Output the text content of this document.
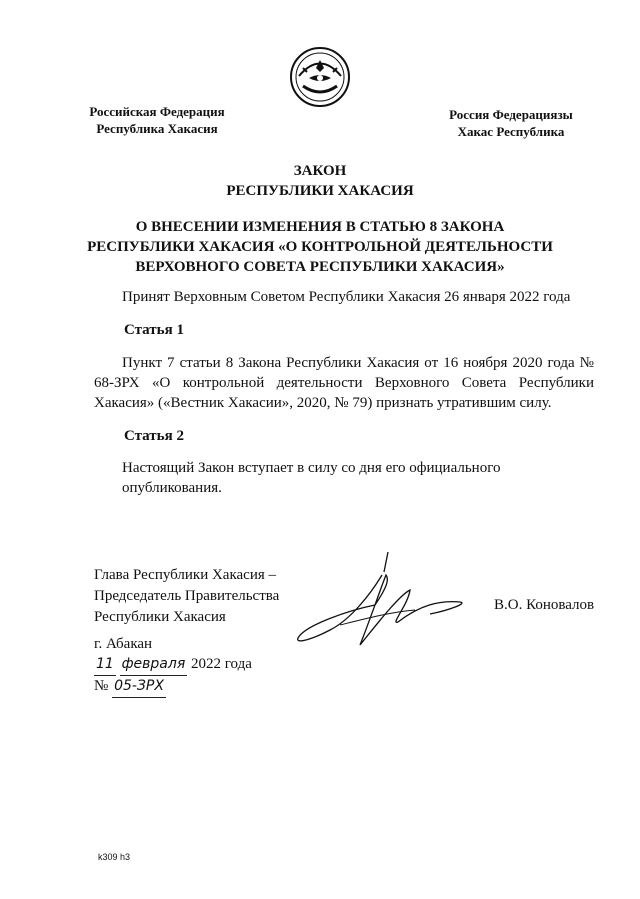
Российская Федерация
Республика Хакасия
Россия Федерациязы
Хакас Республика
ЗАКОН
РЕСПУБЛИКИ ХАКАСИЯ
О ВНЕСЕНИИ ИЗМЕНЕНИЯ В СТАТЬЮ 8 ЗАКОНА
РЕСПУБЛИКИ ХАКАСИЯ «О КОНТРОЛЬНОЙ ДЕЯТЕЛЬНОСТИ
ВЕРХОВНОГО СОВЕТА РЕСПУБЛИКИ ХАКАСИЯ»
Принят Верховным Советом Республики Хакасия 26 января 2022 года
Статья 1
Пункт 7 статьи 8 Закона Республики Хакасия от 16 ноября 2020 года № 68-ЗРХ «О контрольной деятельности Верховного Совета Республики Хакасия» («Вестник Хакасии», 2020, № 79) признать утратившим силу.
Статья 2
Настоящий Закон вступает в силу со дня его официального опубликования.
Глава Республики Хакасия –
Председатель Правительства
Республики Хакасия
В.О. Коновалов
г. Абакан
11 февраля 2022 года
№ 05-ЗРХ
k309 h3
